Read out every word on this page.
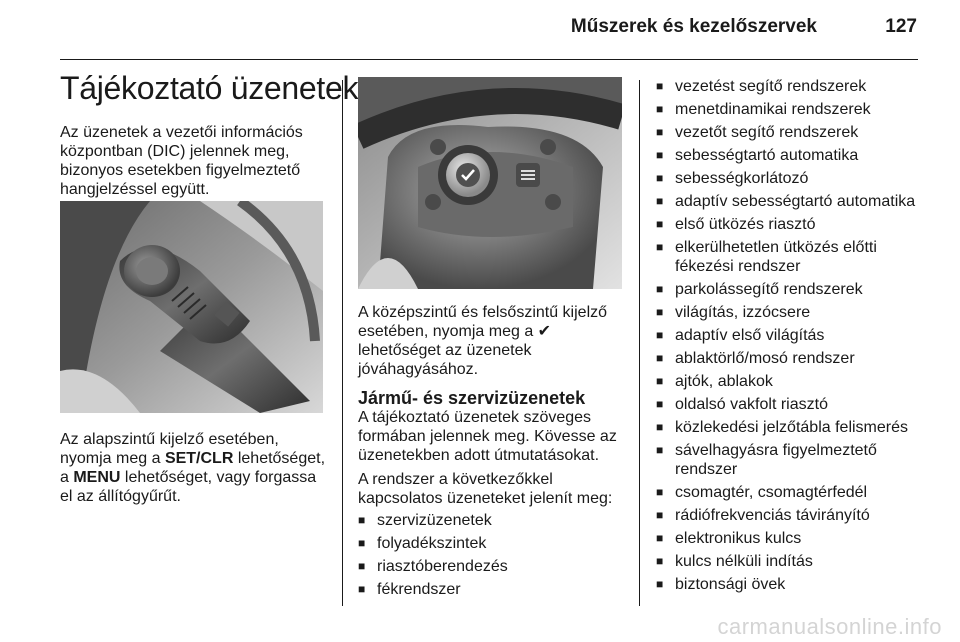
Műszerek és kezelőszervek	127
Tájékoztató üzenetek
Az üzenetek a vezetői információs
központban (DIC) jelennek meg,
bizonyos esetekben figyelmeztető
hangjelzéssel együtt.
Az alapszintű kijelző esetében,
nyomja meg a SET/CLR lehetőséget,
a MENU lehetőséget, vagy forgassa
el az állítógyűrűt.
A középszintű és felsőszintű kijelző
esetében, nyomja meg a ✔
lehetőséget az üzenetek
jóváhagyásához.
Jármű- és szervizüzenetek
A tájékoztató üzenetek szöveges
formában jelennek meg. Kövesse az
üzenetekben adott útmutatásokat.
A rendszer a következőkkel
kapcsolatos üzeneteket jelenít meg:
■ szervizüzenetek
■ folyadékszintek
■ riasztóberendezés
■ fékrendszer
■ vezetést segítő rendszerek
■ menetdinamikai rendszerek
■ vezetőt segítő rendszerek
■ sebességtartó automatika
■ sebességkorlátozó
■ adaptív sebességtartó automatika
■ első ütközés riasztó
■ elkerülhetetlen ütközés előtti
fékezési rendszer
■ parkolássegítő rendszerek
■ világítás, izzócsere
■ adaptív első világítás
■ ablaktörlő/mosó rendszer
■ ajtók, ablakok
■ oldalsó vakfolt riasztó
■ közlekedési jelzőtábla felismerés
■ sávelhagyásra figyelmeztető
rendszer
■ csomagtér, csomagtérfedél
■ rádiófrekvenciás távirányító
■ elektronikus kulcs
■ kulcs nélküli indítás
■ biztonsági övek
carmanualsonline.info
